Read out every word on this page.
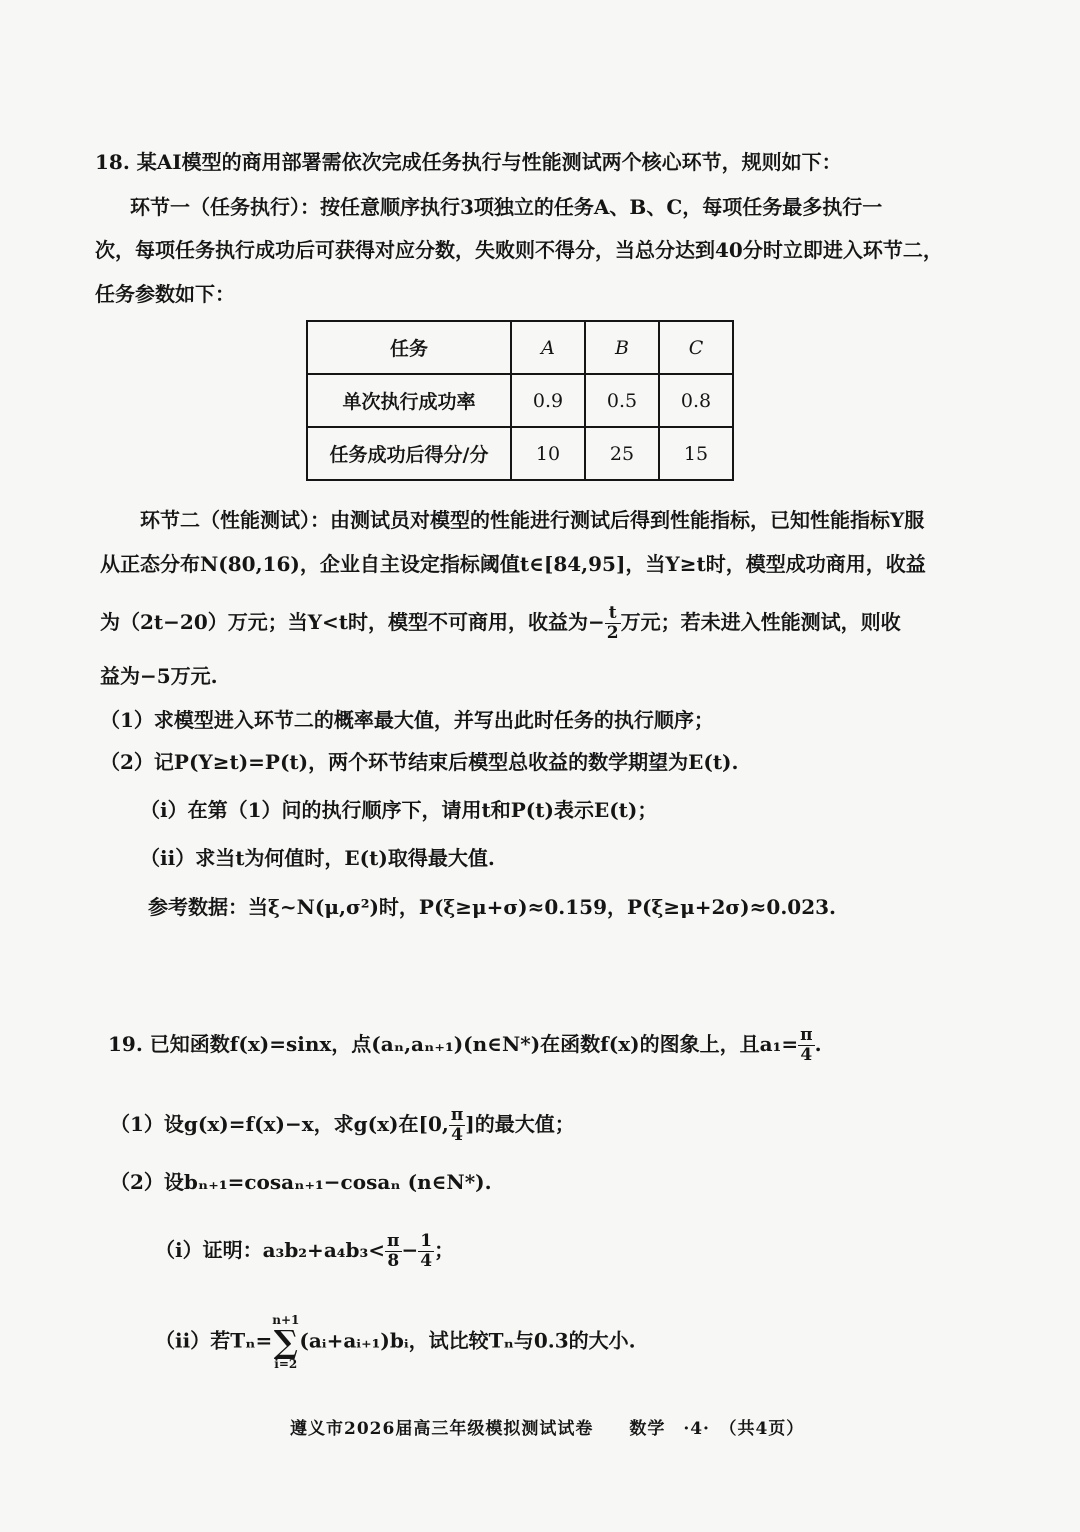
18. 某AI模型的商用部署需依次完成任务执行与性能测试两个核心环节，规则如下：
环节一（任务执行）：按任意顺序执行3项独立的任务A、B、C，每项任务最多执行一
次，每项任务执行成功后可获得对应分数，失败则不得分，当总分达到40分时立即进入环节二，
任务参数如下：
任务	A	B	C
单次执行成功率	0.9	0.5	0.8
任务成功后得分/分	10	25	15
环节二（性能测试）：由测试员对模型的性能进行测试后得到性能指标，已知性能指标Y服
从正态分布N(80,16)，企业自主设定指标阈值t∈[84,95]，当Y≥t时，模型成功商用，收益
为（2t−20）万元；当Y<t时，模型不可商用，收益为− $\frac{t}{2}$ 万元；若未进入性能测试，则收
益为−5万元.
（1）求模型进入环节二的概率最大值，并写出此时任务的执行顺序；
（2）记P(Y≥t)=P(t)，两个环节结束后模型总收益的数学期望为E(t).
（i）在第（1）问的执行顺序下，请用t和P(t)表示E(t)；
（ii）求当t为何值时，E(t)取得最大值.
参考数据：当ξ~N(μ,σ²)时，P(ξ≥μ+σ)≈0.159，P(ξ≥μ+2σ)≈0.023.
19. 已知函数f(x)=sinx，点(aₙ,aₙ₊₁)(n∈N*)在函数f(x)的图象上，且$a_1= \frac{\pi}{4}$ .
（1）设g(x)=f(x)−x，求g(x)在[0, $\frac{\pi}{4}$ ]的最大值；
（2）设bₙ₊₁=cosaₙ₊₁−cosaₙ (n∈N*).
（i）证明：$a_3b_2+a_4b_3< \frac{\pi}{8} - \frac{1}{4}$ ；
（ii）若Tₙ=
n+1
∑
i=2
(aᵢ+aᵢ₊₁)bᵢ，试比较Tₙ与0.3的大小.
遵义市2026届高三年级模拟测试试卷　　数学　·4·　（共4页）
